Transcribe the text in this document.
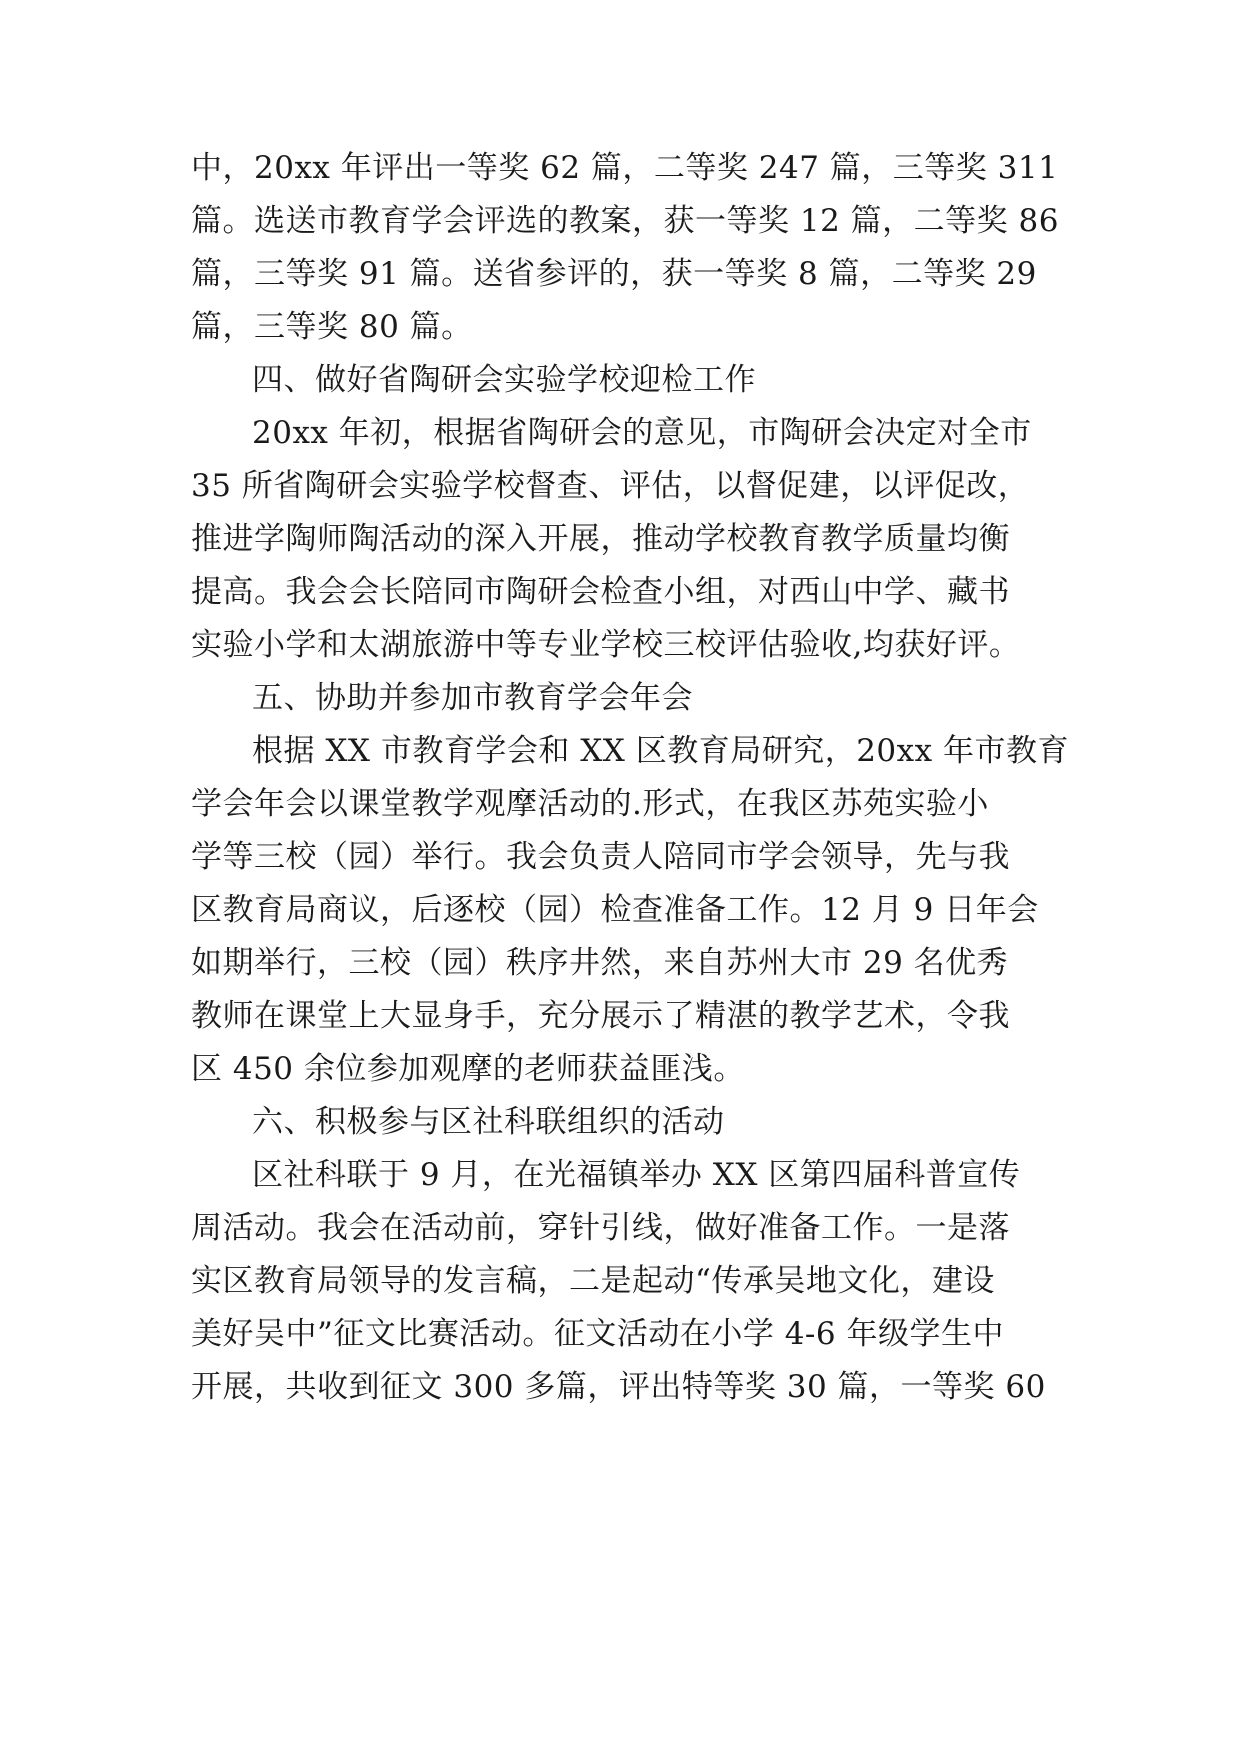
中，20xx 年评出一等奖 62 篇，二等奖 247 篇，三等奖 311
篇。选送市教育学会评选的教案，获一等奖 12 篇，二等奖 86
篇，三等奖 91 篇。送省参评的，获一等奖 8 篇，二等奖 29
篇，三等奖 80 篇。
四、做好省陶研会实验学校迎检工作
20xx 年初，根据省陶研会的意见，市陶研会决定对全市
35 所省陶研会实验学校督查、评估，以督促建，以评促改，
推进学陶师陶活动的深入开展，推动学校教育教学质量均衡
提高。我会会长陪同市陶研会检查小组，对西山中学、藏书
实验小学和太湖旅游中等专业学校三校评估验收,均获好评。
五、协助并参加市教育学会年会
根据 XX 市教育学会和 XX 区教育局研究，20xx 年市教育
学会年会以课堂教学观摩活动的.形式，在我区苏苑实验小
学等三校（园）举行。我会负责人陪同市学会领导，先与我
区教育局商议，后逐校（园）检查准备工作。12 月 9 日年会
如期举行，三校（园）秩序井然，来自苏州大市 29 名优秀
教师在课堂上大显身手，充分展示了精湛的教学艺术，令我
区 450 余位参加观摩的老师获益匪浅。
六、积极参与区社科联组织的活动
区社科联于 9 月，在光福镇举办 XX 区第四届科普宣传
周活动。我会在活动前，穿针引线，做好准备工作。一是落
实区教育局领导的发言稿，二是起动“传承吴地文化，建设
美好吴中”征文比赛活动。征文活动在小学 4-6 年级学生中
开展，共收到征文 300 多篇，评出特等奖 30 篇，一等奖 60
